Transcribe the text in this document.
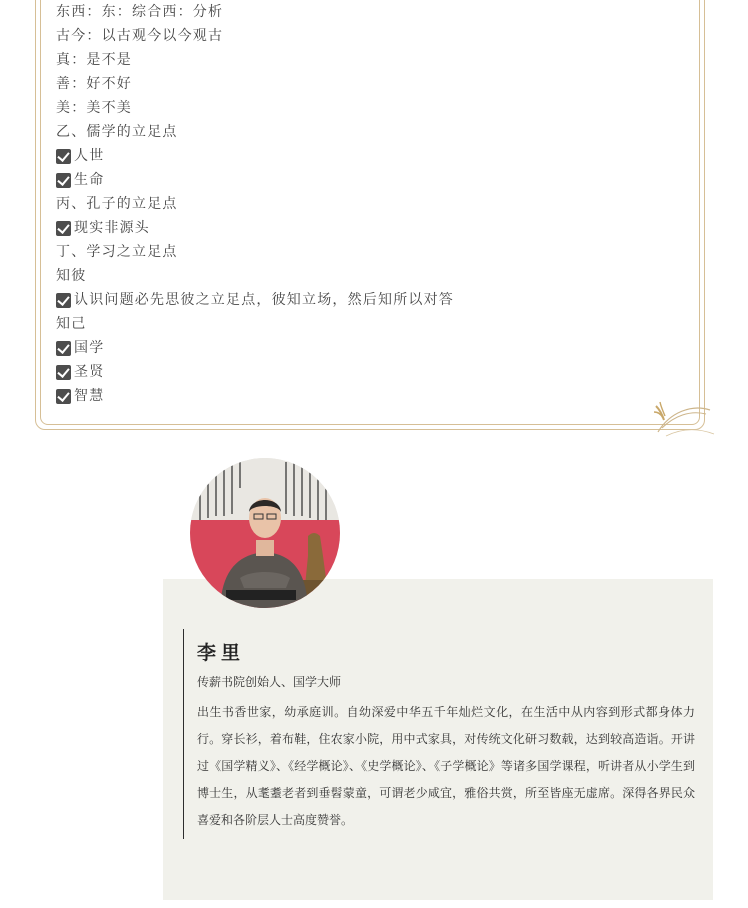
东西：东：综合西：分析
古今：以古观今以今观古
真：是不是
善：好不好
美：美不美
乙、儒学的立足点
人世
生命
丙、孔子的立足点
现实非源头
丁、学习之立足点
知彼
认识问题必先思彼之立足点，彼知立场，然后知所以对答
知己
国学
圣贤
智慧
李里
传薪书院创始人、国学大师
出生书香世家，幼承庭训。自幼深爱中华五千年灿烂文化，在生活中从内容到形式都身体力行。穿长衫，着布鞋，住农家小院，用中式家具，对传统文化研习数载，达到较高造诣。开讲过《国学精义》、《经学概论》、《史学概论》、《子学概论》等诸多国学课程，听讲者从小学生到博士生，从耄耋老者到垂髫蒙童，可谓老少咸宜，雅俗共赏，所至皆座无虚席。深得各界民众喜爱和各阶层人士高度赞誉。
